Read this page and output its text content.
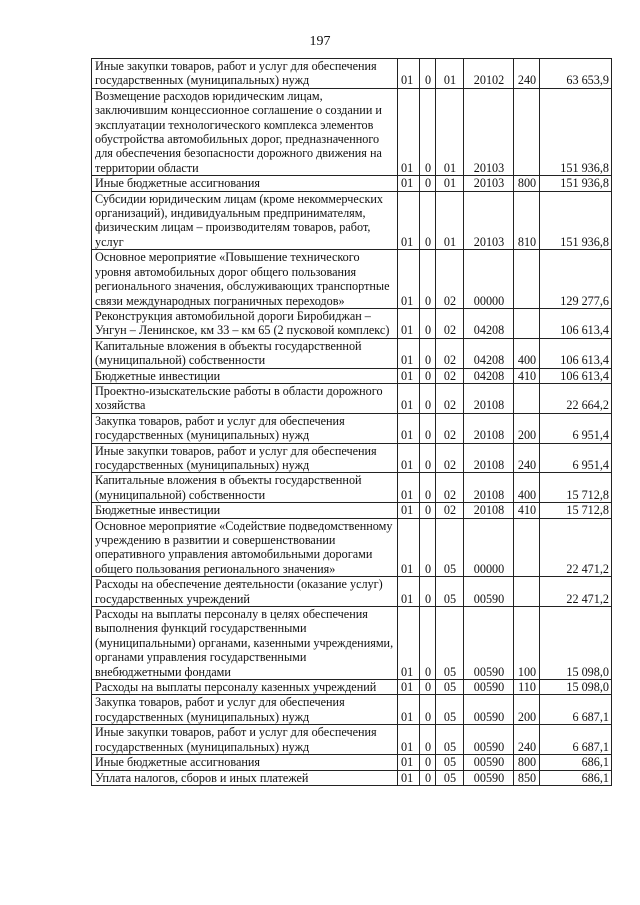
197
Иные закупки товаров, работ и услуг для обеспечения государственных (муниципальных) нужд	01	0	01	20102	240	63 653,9
Возмещение расходов юридическим лицам, заключившим концессионное соглашение о создании и эксплуатации технологического комплекса элементов обустройства автомобильных дорог, предназначенного для обеспечения безопасности дорожного движения на территории области	01	0	01	20103		151 936,8
Иные бюджетные ассигнования	01	0	01	20103	800	151 936,8
Субсидии юридическим лицам (кроме некоммерческих организаций), индивидуальным предпринимателям, физическим лицам – производителям товаров, работ, услуг	01	0	01	20103	810	151 936,8
Основное мероприятие «Повышение технического уровня автомобильных дорог общего пользования регионального значения, обслуживающих транспортные связи международных пограничных переходов»	01	0	02	00000		129 277,6
Реконструкция автомобильной дороги Биробиджан – Унгун – Ленинское, км 33 – км 65 (2 пусковой комплекс)	01	0	02	04208		106 613,4
Капитальные вложения в объекты государственной (муниципальной) собственности	01	0	02	04208	400	106 613,4
Бюджетные инвестиции	01	0	02	04208	410	106 613,4
Проектно-изыскательские работы в области дорожного хозяйства	01	0	02	20108		22 664,2
Закупка товаров, работ и услуг для обеспечения государственных (муниципальных) нужд	01	0	02	20108	200	6 951,4
Иные закупки товаров, работ и услуг для обеспечения государственных (муниципальных) нужд	01	0	02	20108	240	6 951,4
Капитальные вложения в объекты государственной (муниципальной) собственности	01	0	02	20108	400	15 712,8
Бюджетные инвестиции	01	0	02	20108	410	15 712,8
Основное мероприятие «Содействие подведомственному учреждению в развитии и совершенствовании оперативного управления автомобильными дорогами общего пользования регионального значения»	01	0	05	00000		22 471,2
Расходы на обеспечение деятельности (оказание услуг) государственных учреждений	01	0	05	00590		22 471,2
Расходы на выплаты персоналу в целях обеспечения выполнения функций государственными (муниципальными) органами, казенными учреждениями, органами управления государственными внебюджетными фондами	01	0	05	00590	100	15 098,0
Расходы на выплаты персоналу казенных учреждений	01	0	05	00590	110	15 098,0
Закупка товаров, работ и услуг для обеспечения государственных (муниципальных) нужд	01	0	05	00590	200	6 687,1
Иные закупки товаров, работ и услуг для обеспечения государственных (муниципальных) нужд	01	0	05	00590	240	6 687,1
Иные бюджетные ассигнования	01	0	05	00590	800	686,1
Уплата налогов, сборов и иных платежей	01	0	05	00590	850	686,1
